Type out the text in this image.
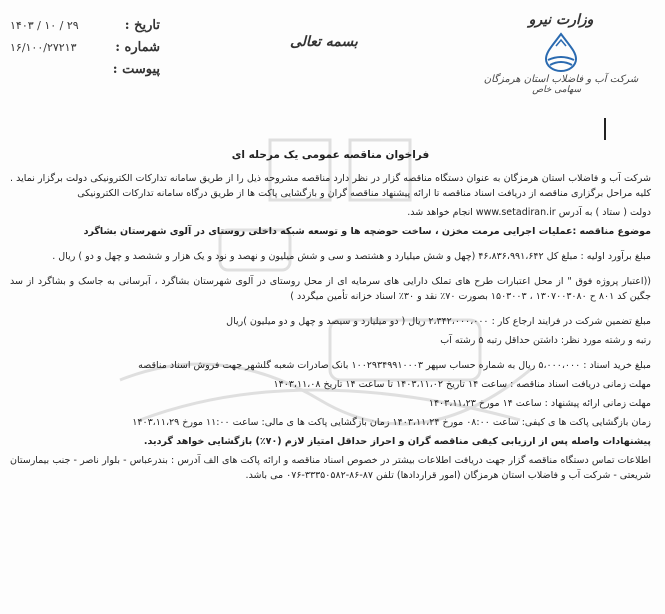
تاریخ :
۱۴۰۳ / ۱۰ / ۲۹
شماره :
۱۶/۱۰۰/۲۷۲۱۳
پیوست :
بسمه تعالی
وزارت نیرو
شرکت آب و فاضلاب استان هرمزگان
سهامی خاص
فراخوان مناقصه عمومی یک مرحله ای

شرکت آب و فاضلاب استان هرمزگان به عنوان دستگاه مناقصه گزار در نظر دارد مناقصه مشروحه ذیل را از طریق سامانه تدارکات الکترونیکی دولت برگزار نماید . کلیه مراحل برگزاری مناقصه از دریافت اسناد مناقصه تا ارائه پیشنهاد مناقصه گران و بازگشایی پاکت ها از طریق درگاه سامانه تدارکات الکترونیکی

دولت ( ستاد ) به آدرس www.setadiran.ir انجام خواهد شد.

موضوع مناقصه :عملیات اجرایی مرمت مخزن ، ساخت حوضچه ها و توسعه شبکه داخلی روستای در آلوی شهرستان بشاگرد

مبلغ برآورد اولیه : مبلغ کل ۴۶،۸۳۶،۹۹۱،۶۴۲ (چهل و شش میلیارد و هشتصد و سی و شش میلیون و نهصد و نود و یک هزار و ششصد و چهل و دو ) ریال .

((اعتبار پروژه فوق " از محل اعتبارات طرح های تملک دارایی های سرمایه ای از محل روستای در آلوی شهرستان بشاگرد ، آبرسانی به جاسک و بشاگرد از سد جگین کد ۸۰۱ ح ۱۳۰۷۰۰۳۰۸۰ ، ۱۵۰۳۰۰۳ بصورت ۷۰٪ نقد و ۳۰٪ اسناد خزانه تأمین میگردد )

مبلغ تضمین شرکت در فرایند ارجاع کار : ۲،۳۴۲،۰۰۰،۰۰۰ ریال ( دو میلیارد و سیصد و چهل و دو میلیون )ریال

رتبه و رشته مورد نظر: داشتن حداقل رتبه ۵ رشته آب

مبلغ خرید اسناد : ۵،۰۰۰،۰۰۰ ریال به شماره حساب سپهر ۱۰۰۲۹۳۴۹۹۱۰۰۰۳ بانک صادرات شعبه گلشهر جهت فروش اسناد مناقصه

مهلت زمانی دریافت اسناد مناقصه : ساعت ۱۴ تاریخ ۱۴۰۳،۱۱،۰۲ تا ساعت ۱۴ تاریخ ۱۴۰۳،۱۱،۰۸

مهلت زمانی ارائه پیشنهاد : ساعت ۱۴ مورخ ۱۴۰۳،۱۱،۲۳

زمان بازگشایی پاکت ها ی کیفی: ساعت ۰۸:۰۰ مورخ ۱۴۰۳،۱۱،۲۴ زمان بازگشایی پاکت ها ی مالی: ساعت ۱۱:۰۰ مورخ ۱۴۰۳،۱۱،۲۹

پیشنهادات واصله پس از ارزیابی کیفی مناقصه گران و احراز حداقل امتیاز لازم (۷۰٪) بازگشایی خواهد گردید.

اطلاعات تماس دستگاه مناقصه گزار جهت دریافت اطلاعات بیشتر در خصوص اسناد مناقصه و ارائه پاکت های الف آدرس : بندرعباس - بلوار ناصر - جنب بیمارستان شریعتی - شرکت آب و فاضلاب استان هرمزگان (امور قراردادها) تلفن ۸۷-۸۶-۳۳۳۵۰۵۸۲-۰۷۶ می باشد.
